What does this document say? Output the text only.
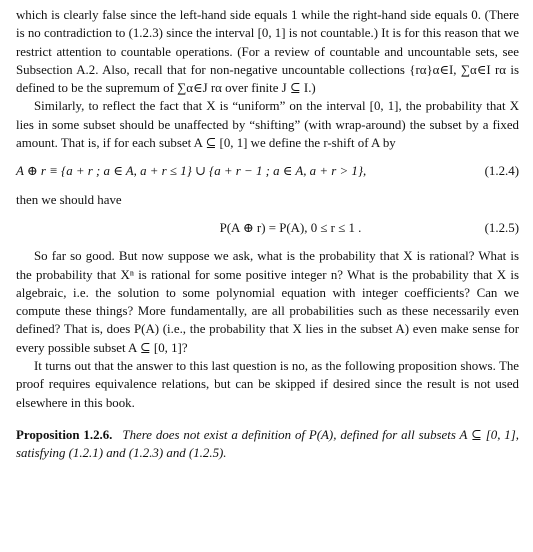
which is clearly false since the left-hand side equals 1 while the right-hand side equals 0. (There is no contradiction to (1.2.3) since the interval [0, 1] is not countable.) It is for this reason that we restrict attention to countable operations. (For a review of countable and uncountable sets, see Subsection A.2. Also, recall that for non-negative uncountable collections {rα}α∈I, ∑α∈I rα is defined to be the supremum of ∑α∈J rα over finite J ⊆ I.)

Similarly, to reflect the fact that X is “uniform” on the interval [0, 1], the probability that X lies in some subset should be unaffected by “shifting” (with wrap-around) the subset by a fixed amount. That is, if for each subset A ⊆ [0, 1] we define the r-shift of A by

A ⊕ r ≡ {a + r ; a ∈ A, a + r ≤ 1} ∪ {a + r − 1 ; a ∈ A, a + r > 1},	(1.2.4)

then we should have

P(A ⊕ r) = P(A), 0 ≤ r ≤ 1 .	(1.2.5)

So far so good. But now suppose we ask, what is the probability that X is rational? What is the probability that Xⁿ is rational for some positive integer n? What is the probability that X is algebraic, i.e. the solution to some polynomial equation with integer coefficients? Can we compute these things? More fundamentally, are all probabilities such as these necessarily even defined? That is, does P(A) (i.e., the probability that X lies in the subset A) even make sense for every possible subset A ⊆ [0, 1]?

It turns out that the answer to this last question is no, as the following proposition shows. The proof requires equivalence relations, but can be skipped if desired since the result is not used elsewhere in this book.

Proposition 1.2.6. There does not exist a definition of P(A), defined for all subsets A ⊆ [0, 1], satisfying (1.2.1) and (1.2.3) and (1.2.5).
